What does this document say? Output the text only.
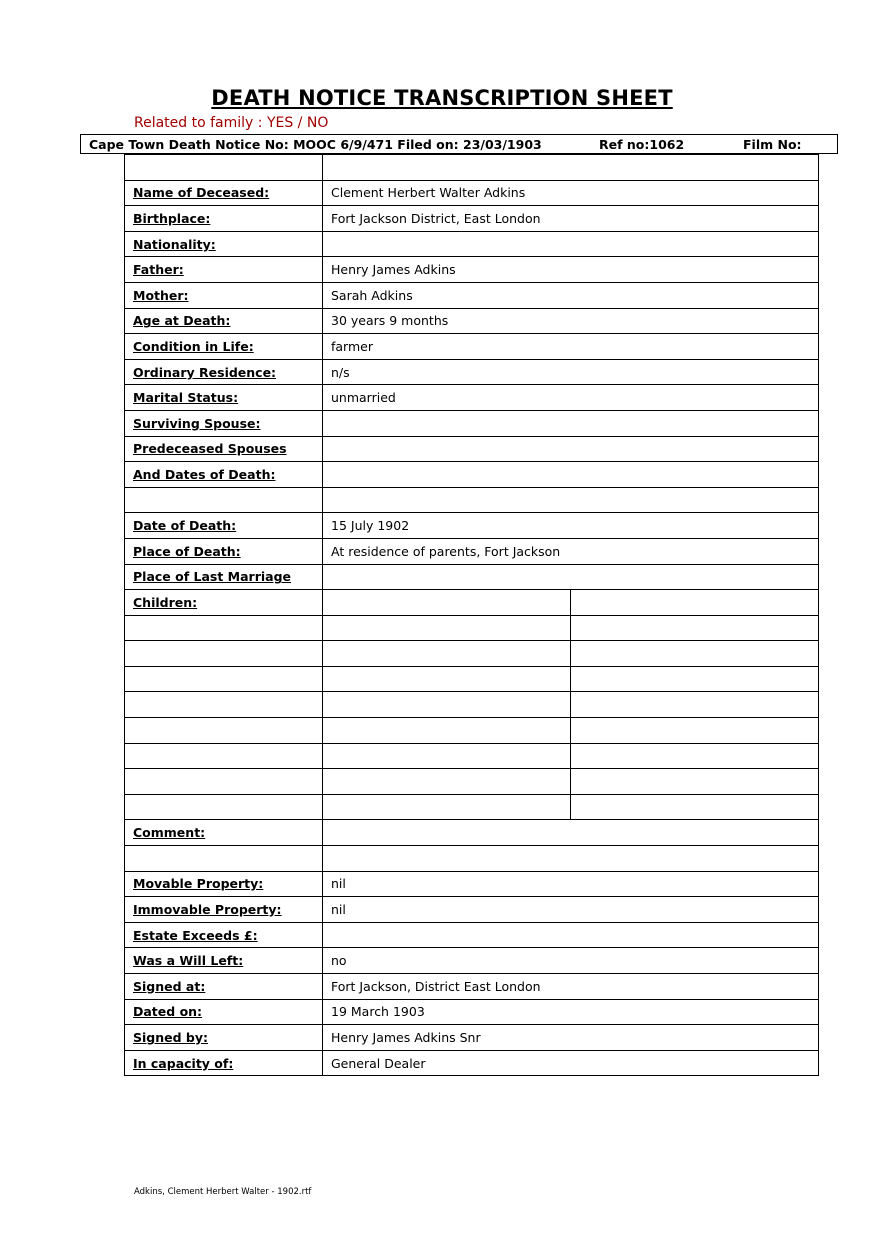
DEATH NOTICE TRANSCRIPTION SHEET
Related to family : YES / NO
Cape Town Death Notice No: MOOC 6/9/471 Filed on: 23/03/1903	Ref no:1062	Film No:

Name of Deceased:	Clement Herbert Walter Adkins	
Birthplace:	Fort Jackson District, East London	
Nationality:		
Father:	Henry James Adkins	
Mother:	Sarah Adkins	
Age at Death:	30 years 9 months	
Condition in Life:	farmer	
Ordinary Residence:	n/s	
Marital Status:	unmarried	
Surviving Spouse:		
Predeceased Spouses		
And Dates of Death:		

Date of Death:	15 July 1902	
Place of Death:	At residence of parents, Fort Jackson	
Place of Last Marriage		
Children:		

Comment:		

Movable Property:	nil	
Immovable Property:	nil	
Estate Exceeds £:		
Was a Will Left:	no	
Signed at:	Fort Jackson, District East London	
Dated on:	19 March 1903	
Signed by:	Henry James Adkins Snr	
In capacity of:	General Dealer	
Adkins, Clement Herbert Walter - 1902.rtf
